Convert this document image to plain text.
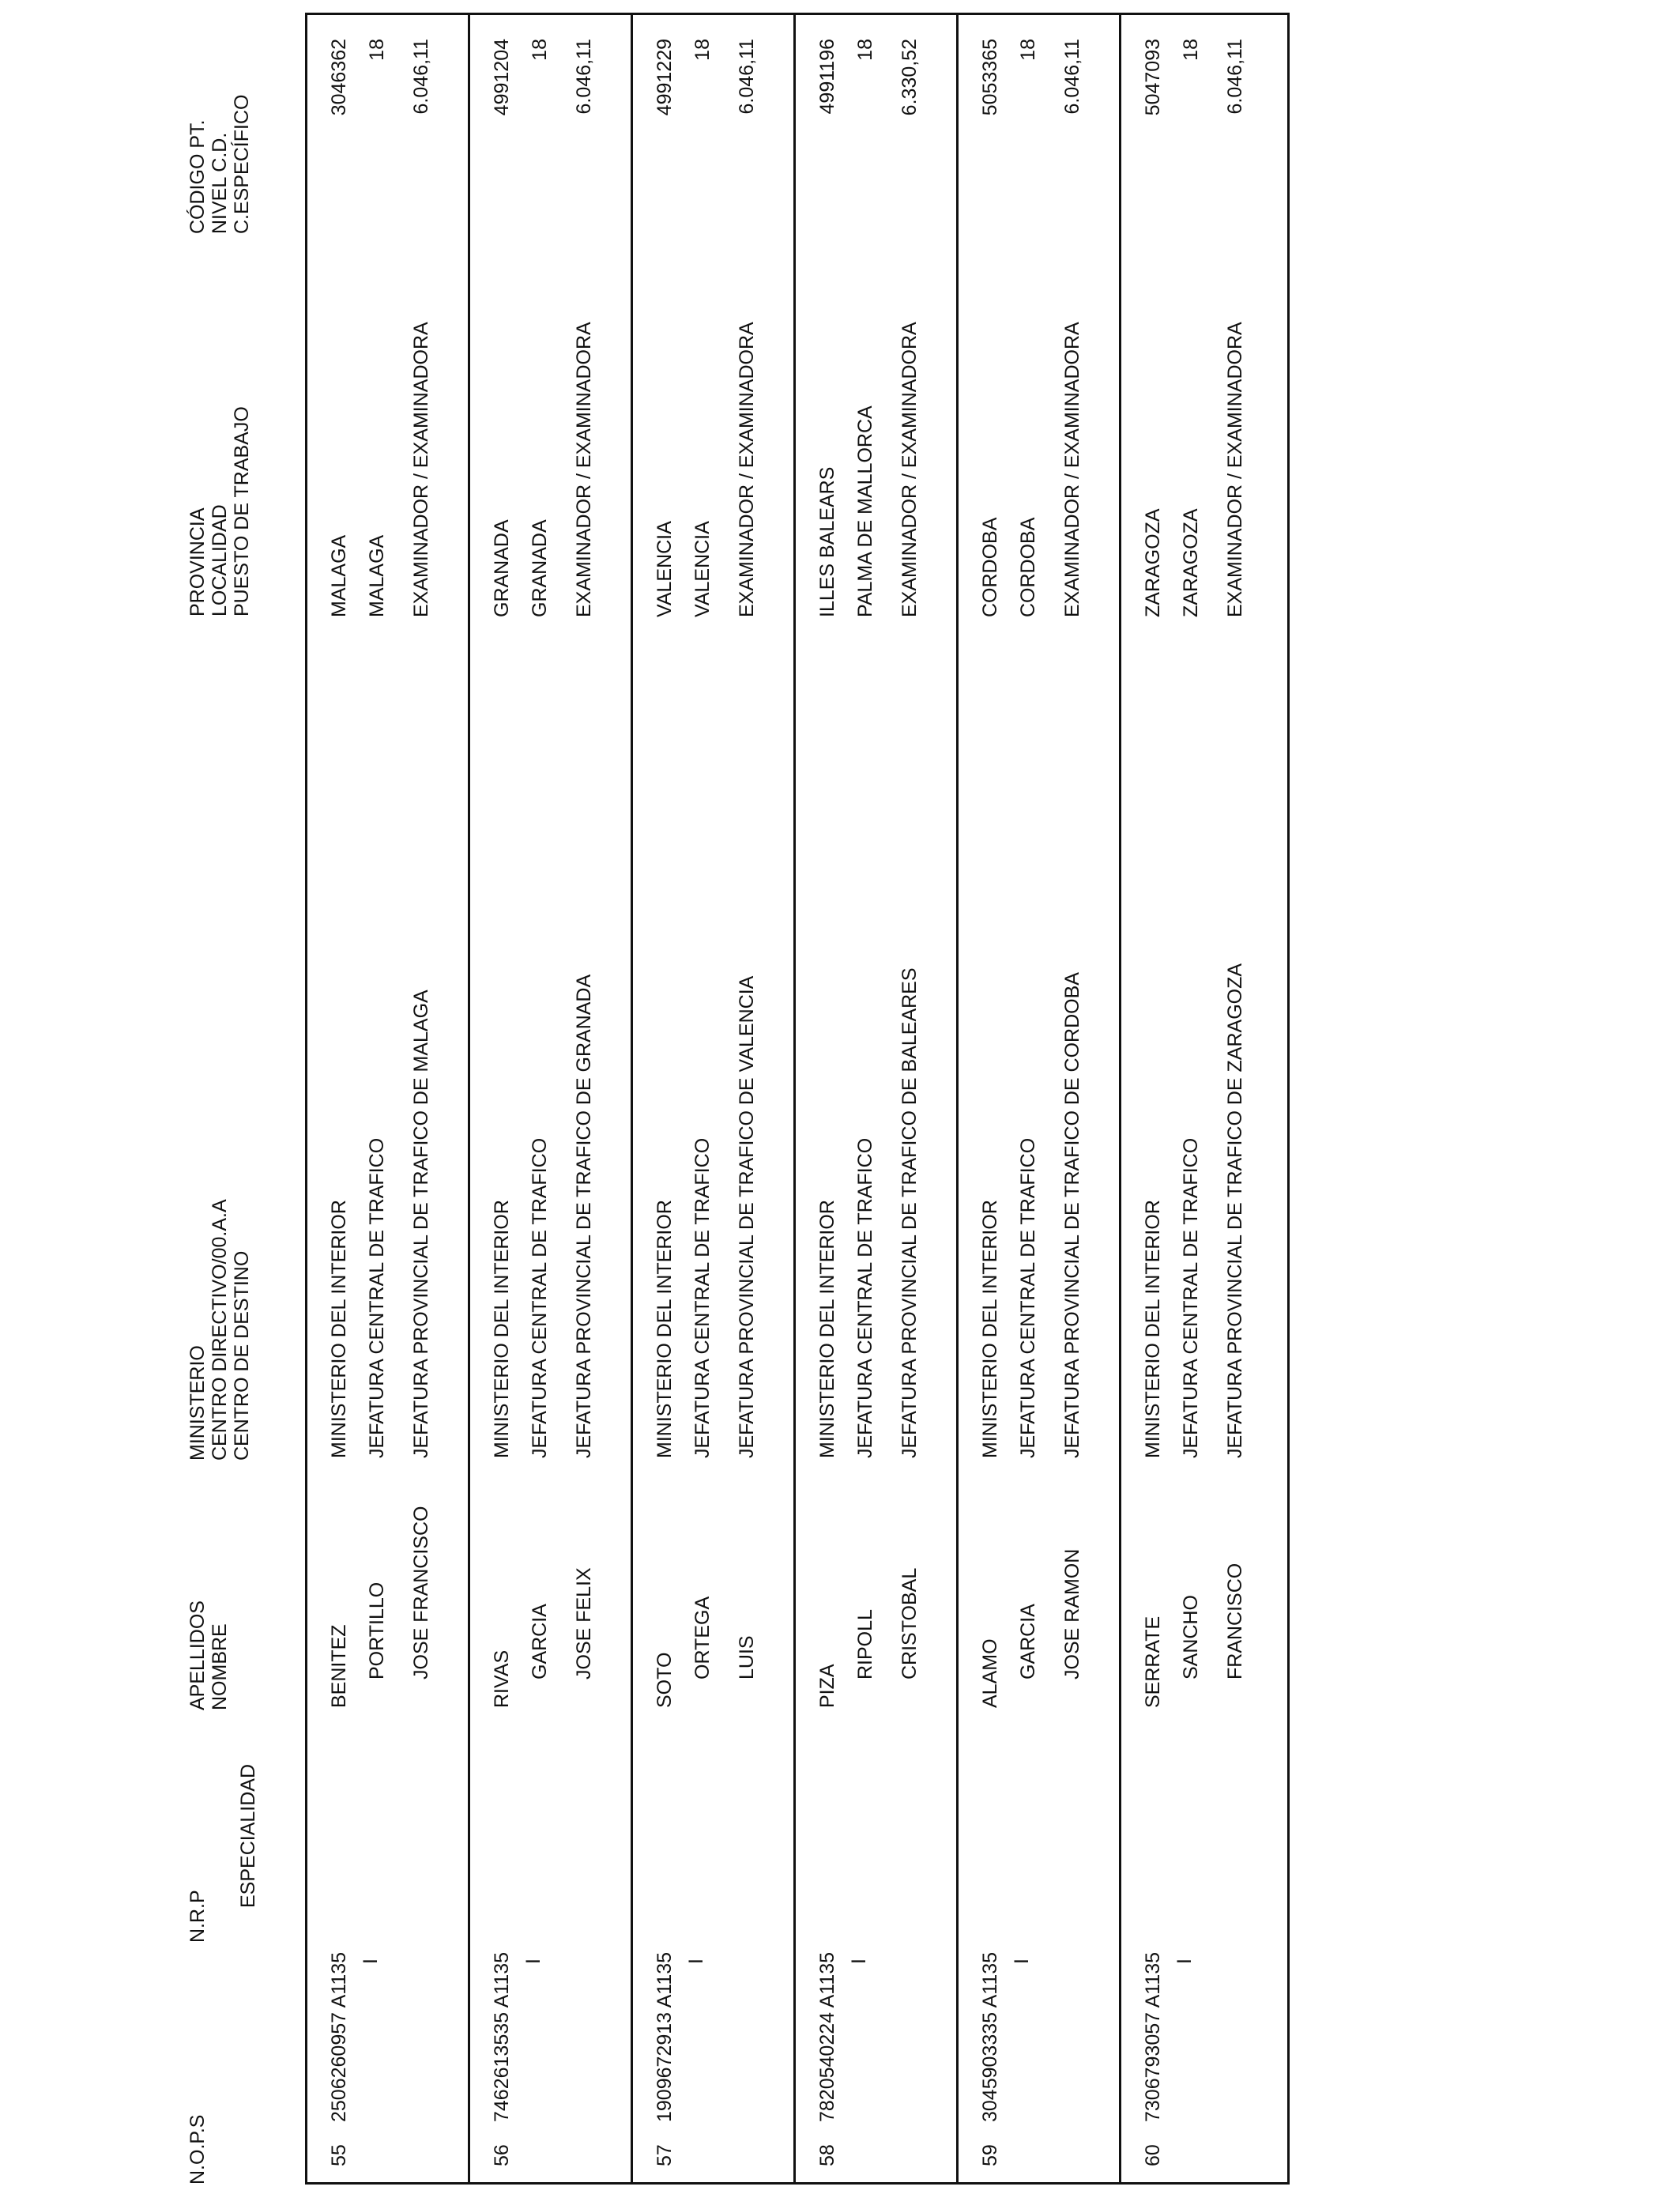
N.O.P.S
N.R.P
ESPECIALIDAD
APELLIDOS NOMBRE
MINISTERIO CENTRO DIRECTIVO/00.A.A CENTRO DE DESTINO
PROVINCIA LOCALIDAD PUESTO DE TRABAJO
CÓDIGO PT. NIVEL C.D. C.ESPECÍFICO
55
2506260957 A1135 I
BENITEZ PORTILLO JOSE FRANCISCO
MINISTERIO DEL INTERIOR JEFATURA CENTRAL DE TRAFICO JEFATURA PROVINCIAL DE TRAFICO DE MALAGA
MALAGA MALAGA EXAMINADOR / EXAMINADORA
3046362 18 6.046,11
56
7462613535 A1135 I
RIVAS GARCIA JOSE FELIX
MINISTERIO DEL INTERIOR JEFATURA CENTRAL DE TRAFICO JEFATURA PROVINCIAL DE TRAFICO DE GRANADA
GRANADA GRANADA EXAMINADOR / EXAMINADORA
4991204 18 6.046,11
57
1909672913 A1135 I
SOTO
ORTEGA LUIS
MINISTERIO DEL INTERIOR JEFATURA CENTRAL DE TRAFICO JEFATURA PROVINCIAL DE TRAFICO DE VALENCIA
VALENCIA VALENCIA EXAMINADOR / EXAMINADORA
4991229 18 6.046,11
58
7820540224 A1135 I
PIZA
RIPOLL CRISTOBAL
MINISTERIO DEL INTERIOR JEFATURA CENTRAL DE TRAFICO JEFATURA PROVINCIAL DE TRAFICO DE BALEARES
ILLES BALEARS PALMA DE MALLORCA EXAMINADOR / EXAMINADORA
4991196 18 6.330,52
59
3045903335 A1135 I
ALAMO GARCIA JOSE RAMON
MINISTERIO DEL INTERIOR JEFATURA CENTRAL DE TRAFICO JEFATURA PROVINCIAL DE TRAFICO DE CORDOBA
CORDOBA CORDOBA EXAMINADOR / EXAMINADORA
5053365 18 6.046,11
60
7306793057 A1135 I
SERRATE SANCHO FRANCISCO
MINISTERIO DEL INTERIOR JEFATURA CENTRAL DE TRAFICO JEFATURA PROVINCIAL DE TRAFICO DE ZARAGOZA
ZARAGOZA ZARAGOZA EXAMINADOR / EXAMINADORA
5047093 18 6.046,11
